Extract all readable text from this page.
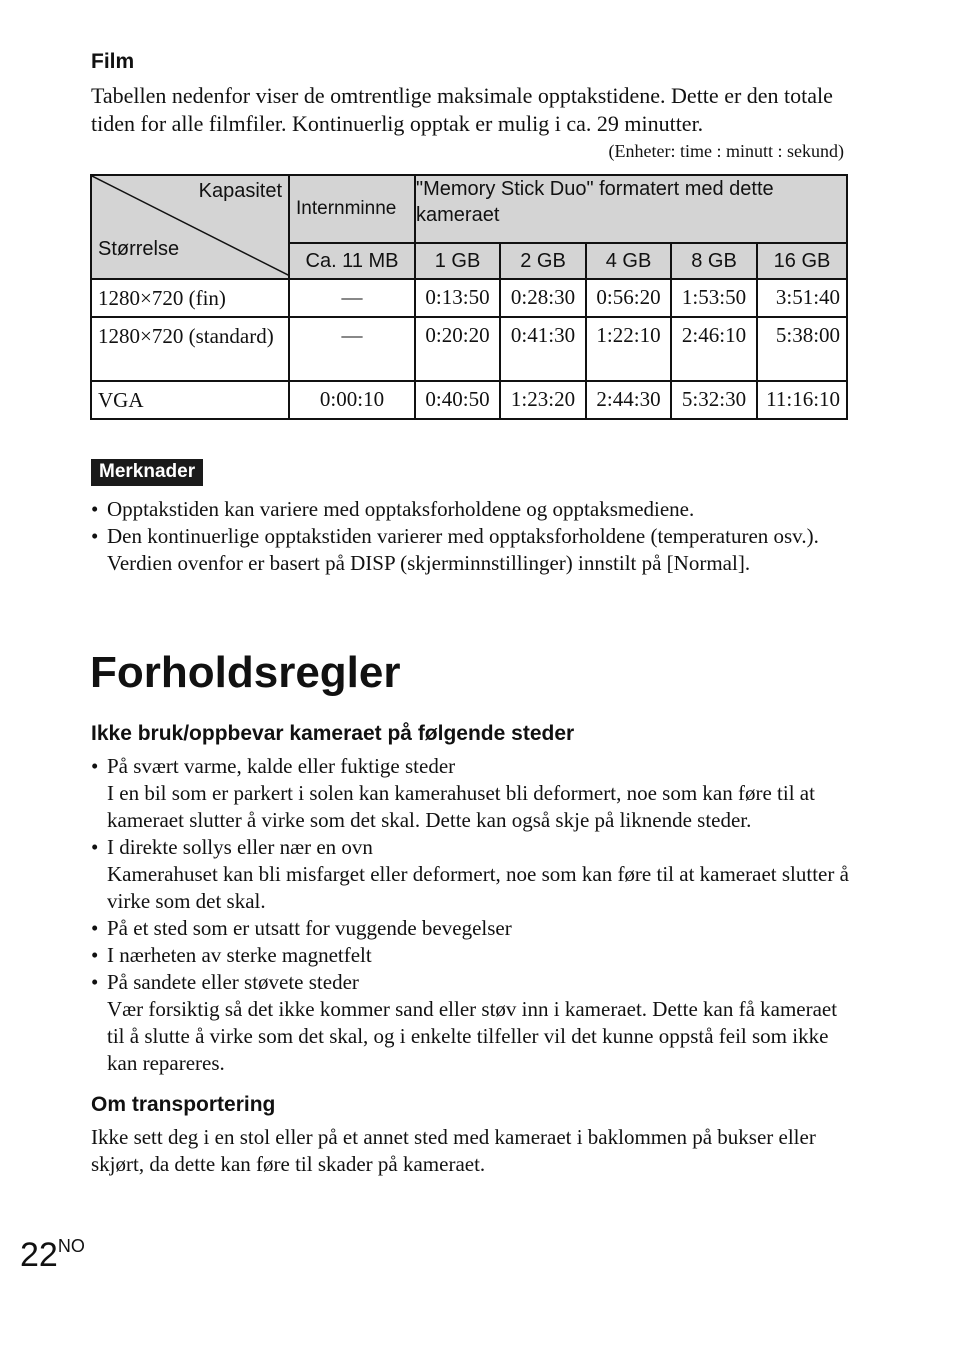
Film
Tabellen nedenfor viser de omtrentlige maksimale opptakstidene. Dette er den totale tiden for alle filmfiler. Kontinuerlig opptak er mulig i ca. 29 minutter.
(Enheter: time : minutt : sekund)
Kapasitet
Størrelse	Internminne	"Memory Stick Duo" formatert med dette kameraet				
	Ca. 11 MB	1 GB	2 GB	4 GB	8 GB	16 GB
1280×720 (fin)	—	0:13:50	0:28:30	0:56:20	1:53:50	3:51:40
1280×720 (standard)	—	0:20:20	0:41:30	1:22:10	2:46:10	5:38:00
VGA	0:00:10	0:40:50	1:23:20	2:44:30	5:32:30	11:16:10
Merknader
• Opptakstiden kan variere med opptaksforholdene og opptaksmediene.
• Den kontinuerlige opptakstiden varierer med opptaksforholdene (temperaturen osv.). Verdien ovenfor er basert på DISP (skjerminnstillinger) innstilt på [Normal].
Forholdsregler
Ikke bruk/oppbevar kameraet på følgende steder
• På svært varme, kalde eller fuktige steder
I en bil som er parkert i solen kan kamerahuset bli deformert, noe som kan føre til at kameraet slutter å virke som det skal. Dette kan også skje på liknende steder.
• I direkte sollys eller nær en ovn
Kamerahuset kan bli misfarget eller deformert, noe som kan føre til at kameraet slutter å virke som det skal.
• På et sted som er utsatt for vuggende bevegelser
• I nærheten av sterke magnetfelt
• På sandete eller støvete steder
Vær forsiktig så det ikke kommer sand eller støv inn i kameraet. Dette kan få kameraet til å slutte å virke som det skal, og i enkelte tilfeller vil det kunne oppstå feil som ikke kan repareres.
Om transportering
Ikke sett deg i en stol eller på et annet sted med kameraet i baklommen på bukser eller skjørt, da dette kan føre til skader på kameraet.
$22^{NO}$
